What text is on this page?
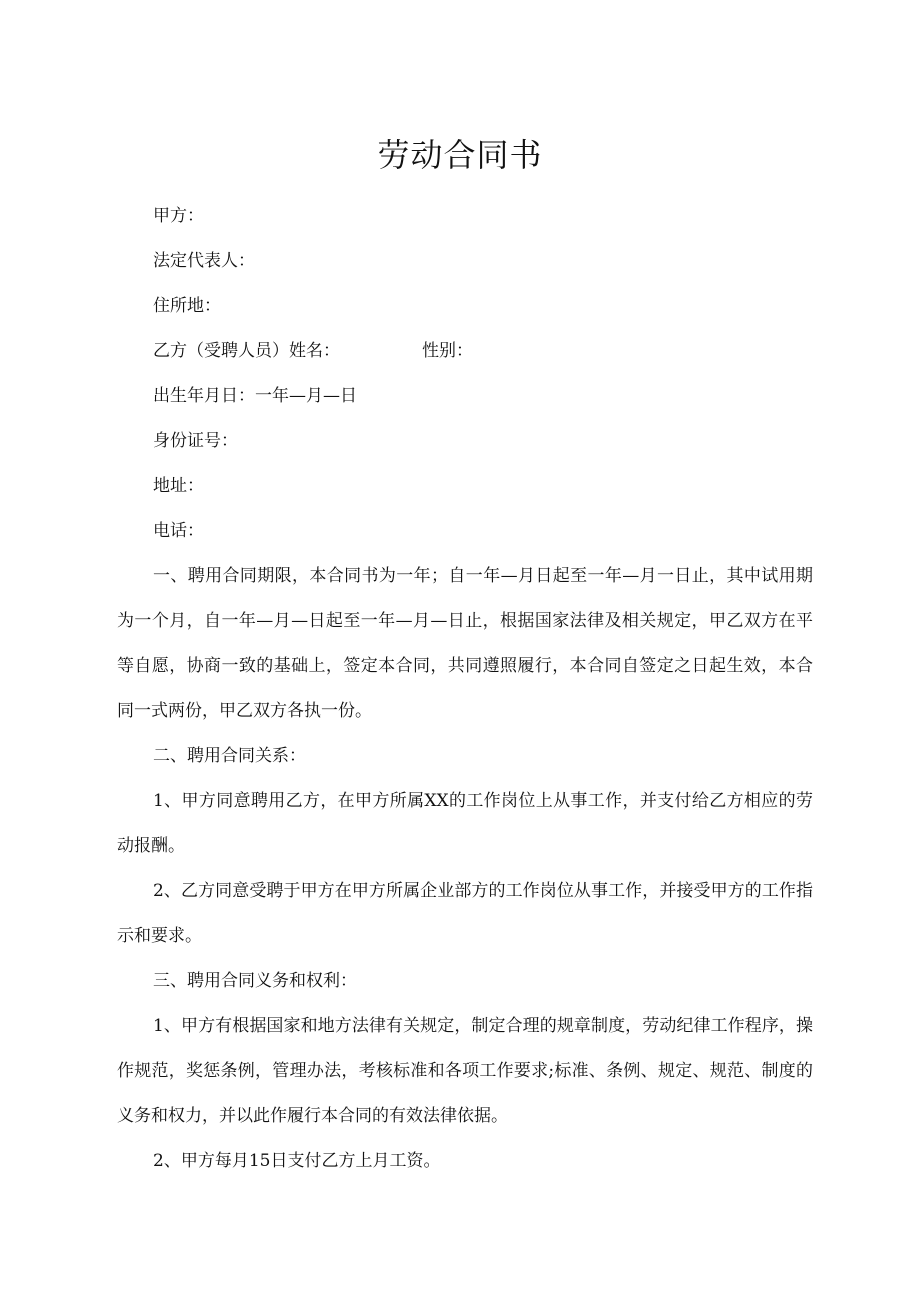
劳动合同书

甲方：

法定代表人：

住所地：

乙方（受聘人员）姓名：	性别：

出生年月日：一年—月—日

身份证号：

地址：

电话：

一、聘用合同期限，本合同书为一年；自一年—月日起至一年—月一日止，其中试用期为一个月，自一年—月—日起至一年—月—日止，根据国家法律及相关规定，甲乙双方在平等自愿，协商一致的基础上，签定本合同，共同遵照履行，本合同自签定之日起生效，本合同一式两份，甲乙双方各执一份。

二、聘用合同关系：

1、甲方同意聘用乙方，在甲方所属XX的工作岗位上从事工作，并支付给乙方相应的劳动报酬。

2、乙方同意受聘于甲方在甲方所属企业部方的工作岗位从事工作，并接受甲方的工作指示和要求。

三、聘用合同义务和权利：

1、甲方有根据国家和地方法律有关规定，制定合理的规章制度，劳动纪律工作程序，操作规范，奖惩条例，管理办法，考核标准和各项工作要求;标准、条例、规定、规范、制度的义务和权力，并以此作履行本合同的有效法律依据。

2、甲方每月15日支付乙方上月工资。
